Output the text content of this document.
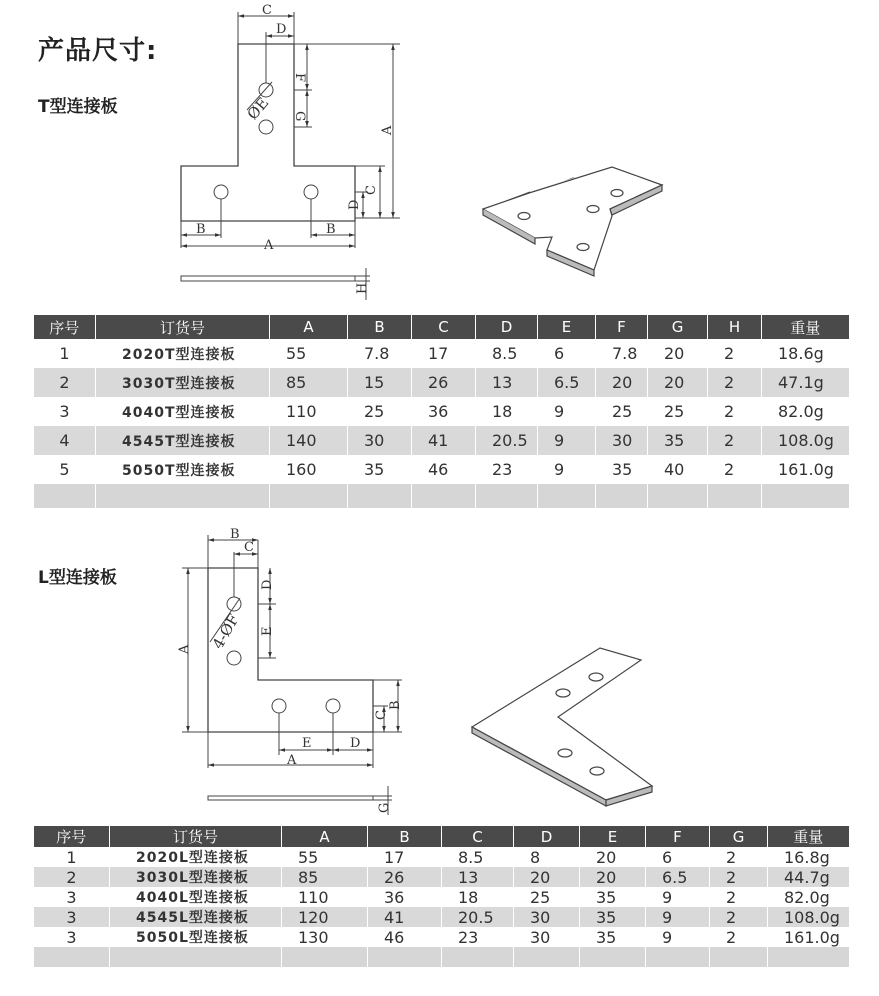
产品尺寸:
T型连接板
L型连接板
C
D
F
G
A
C
D
B	B
A
H
ØE
B
C
A
D
E
B
C
E	D
A
G
4-ØF
序号	订货号	A	B	C	D	E	F	G	H	重量
1	2020T型连接板	55	7.8	17	8.5	6	7.8	20	2	18.6g
2	3030T型连接板	85	15	26	13	6.5	20	20	2	47.1g
3	4040T型连接板	110	25	36	18	9	25	25	2	82.0g
4	4545T型连接板	140	30	41	20.5	9	30	35	2	108.0g
5	5050T型连接板	160	35	46	23	9	35	40	2	161.0g

序号	订货号	A	B	C	D	E	F	G	重量
1	2020L型连接板	55	17	8.5	8	20	6	2	16.8g
2	3030L型连接板	85	26	13	20	20	6.5	2	44.7g
3	4040L型连接板	110	36	18	25	35	9	2	82.0g
3	4545L型连接板	120	41	20.5	30	35	9	2	108.0g
3	5050L型连接板	130	46	23	30	35	9	2	161.0g
